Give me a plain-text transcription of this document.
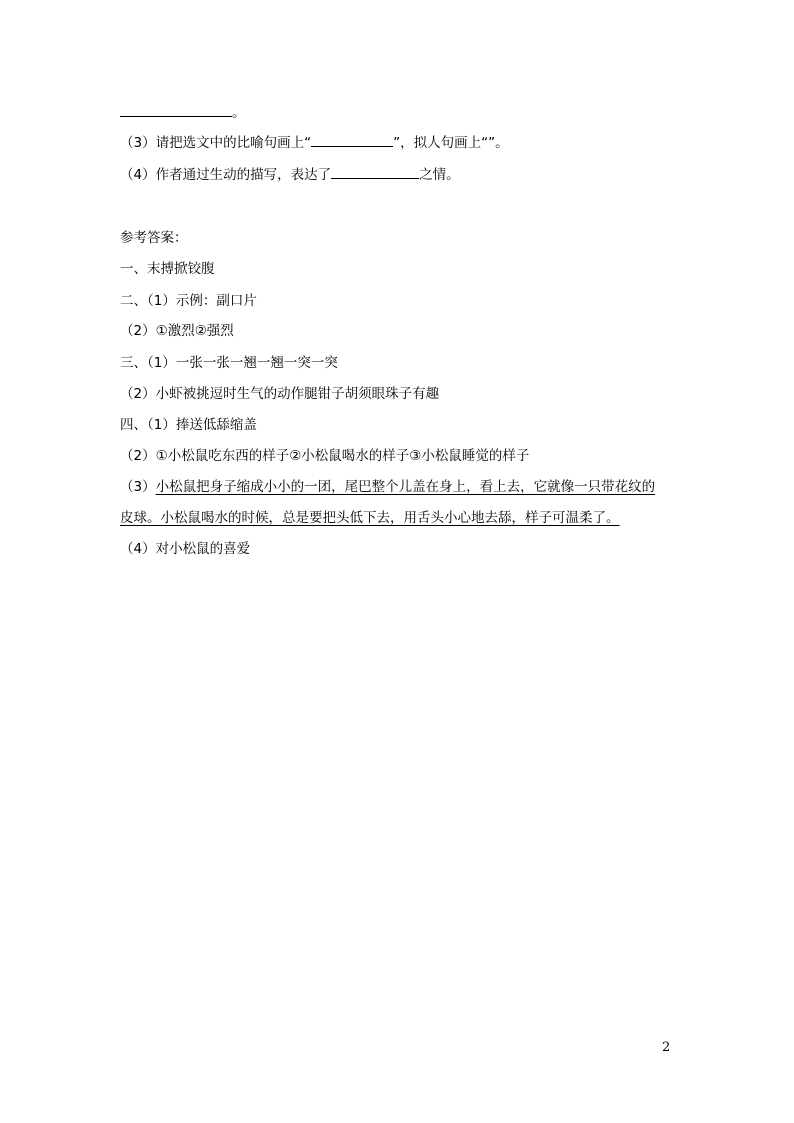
。
（3）请把选文中的比喻句画上“	”，拟人句画上“”。
（4）作者通过生动的描写，表达了	之情。
参考答案：
一、末搏掀铰腹
二、（1）示例：副口片
（2）①激烈②强烈
三、（1）一张一张一翘一翘一突一突
（2）小虾被挑逗时生气的动作腿钳子胡须眼珠子有趣
四、（1）捧送低舔缩盖
（2）①小松鼠吃东西的样子②小松鼠喝水的样子③小松鼠睡觉的样子
（3）小松鼠把身子缩成小小的一团，尾巴整个儿盖在身上，看上去，它就像一只带花纹的
皮球。小松鼠喝水的时候，总是要把头低下去，用舌头小心地去舔，样子可温柔了。
（4）对小松鼠的喜爱
2
